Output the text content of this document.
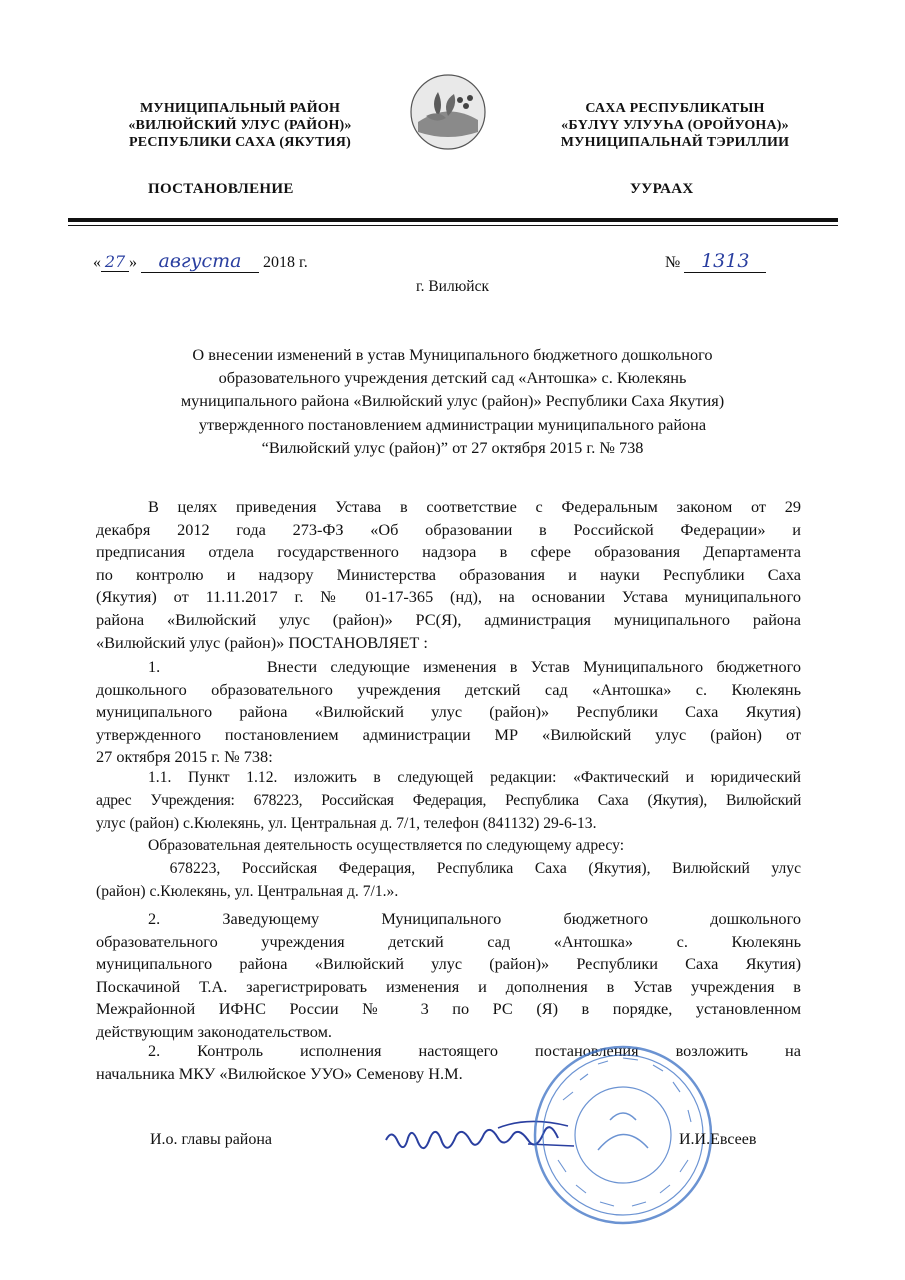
МУНИЦИПАЛЬНЫЙ РАЙОН
«ВИЛЮЙСКИЙ УЛУС (РАЙОН)»
РЕСПУБЛИКИ САХА (ЯКУТИЯ)
САХА РЕСПУБЛИКАТЫН
«БҮЛҮҮ УЛУУҺА (ОРОЙУОНА)»
МУНИЦИПАЛЬНАЙ ТЭРИЛЛИИ
ПОСТАНОВЛЕНИЕ	УУРААХ
« 27 » августа 2018 г.	№ 1313
г. Вилюйск
О внесении изменений в устав Муниципального бюджетного дошкольного
образовательного учреждения детский сад «Антошка» с. Кюлекянь
муниципального района «Вилюйский улус (район)» Республики Саха Якутия)
утвержденного постановлением администрации муниципального района
“Вилюйский улус (район)” от 27 октября 2015 г. № 738
В целях приведения Устава в соответствие с Федеральным законом от 29
декабря 2012 года 273-ФЗ «Об образовании в Российской Федерации» и
предписания отдела государственного надзора в сфере образования Департамента
по контролю и надзору Министерства образования и науки Республики Саха
(Якутия) от 11.11.2017 г. № 01-17-365 (нд), на основании Устава муниципального
района «Вилюйский улус (район)» РС(Я), администрация муниципального района
«Вилюйский улус (район)» ПОСТАНОВЛЯЕТ :
1.        Внести следующие изменения в Устав Муниципального бюджетного
дошкольного образовательного учреждения детский сад «Антошка» с. Кюлекянь
муниципального района «Вилюйский улус (район)» Республики Саха Якутия)
утвержденного постановлением администрации МР «Вилюйский улус (район) от
27 октября 2015 г. № 738:
1.1. Пункт 1.12. изложить в следующей редакции: «Фактический и юридический
адрес Учреждения: 678223, Российская Федерация, Республика Саха (Якутия), Вилюйский
улус (район) с.Кюлекянь, ул. Центральная д. 7/1, телефон (841132) 29-6-13.
Образовательная деятельность осуществляется по следующему адресу:
678223, Российская Федерация, Республика Саха (Якутия), Вилюйский улус
(район) с.Кюлекянь, ул. Центральная д. 7/1.».
2.        Заведующему        Муниципального        бюджетного        дошкольного
образовательного    учреждения    детский    сад    «Антошка»    с.    Кюлекянь
муниципального района «Вилюйский улус (район)» Республики Саха Якутия)
Поскачиной Т.А. зарегистрировать изменения и дополнения в Устав учреждения в
Межрайонной ИФНС России № 3 по РС (Я) в порядке, установленном
действующим законодательством.
2. Контроль исполнения настоящего постановления возложить на
начальника МКУ «Вилюйское УУО» Семенову Н.М.
И.о. главы района	И.И.Евсеев
